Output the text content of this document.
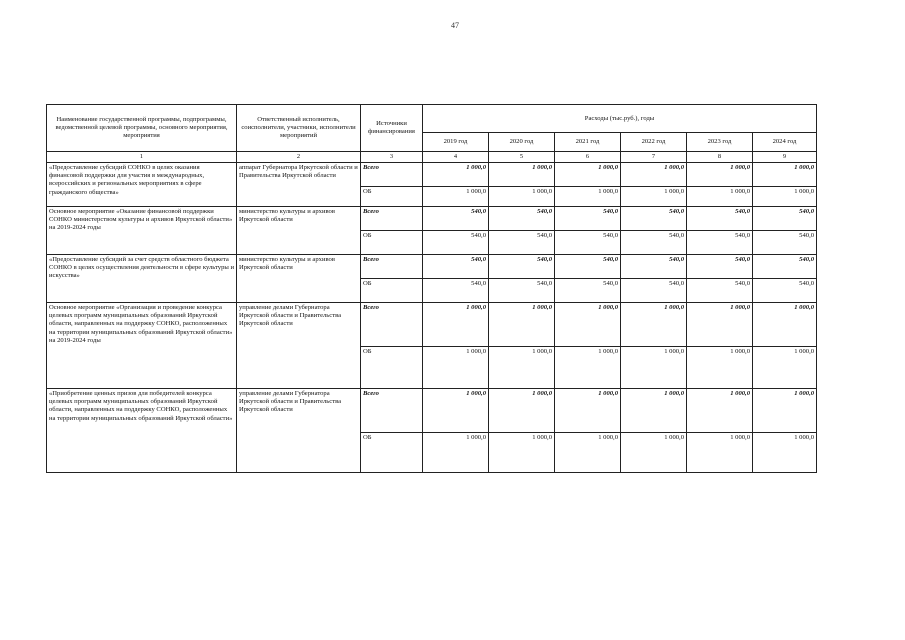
47
Наименование государственной программы, подпрограммы, ведомственной целевой программы, основного мероприятия, мероприятия	Ответственный исполнитель, соисполнители, участники, исполнители мероприятий	Источники финансирования	Расходы (тыс.руб.), годы					
			2019 год	2020 год	2021 год	2022 год	2023 год	2024 год
1	2	3	4	5	6	7	8	9
«Предоставление субсидий СОНКО в целях оказания финансовой поддержки для участия в международных, всероссийских и региональных мероприятиях в сфере гражданского общества»	аппарат Губернатора Иркутской области и Правительства Иркутской области	Всего	1 000,0	1 000,0	1 000,0	1 000,0	1 000,0	1 000,0
		ОБ	1 000,0	1 000,0	1 000,0	1 000,0	1 000,0	1 000,0
Основное мероприятие «Оказание финансовой поддержки СОНКО министерством культуры и архивов Иркутской области» на 2019-2024 годы	министерство культуры и архивов Иркутской области	Всего	540,0	540,0	540,0	540,0	540,0	540,0
		ОБ	540,0	540,0	540,0	540,0	540,0	540,0
«Предоставление субсидий за счет средств областного бюджета СОНКО в целях осуществления деятельности в сфере культуры и искусства»	министерство культуры и архивов Иркутской области	Всего	540,0	540,0	540,0	540,0	540,0	540,0
		ОБ	540,0	540,0	540,0	540,0	540,0	540,0
Основное мероприятие «Организация и проведение конкурса целевых программ муниципальных образований Иркутской области, направленных на поддержку СОНКО, расположенных на территории муниципальных образований Иркутской области» на 2019-2024 годы	управление делами Губернатора Иркутской области и Правительства Иркутской области	Всего	1 000,0	1 000,0	1 000,0	1 000,0	1 000,0	1 000,0
		ОБ	1 000,0	1 000,0	1 000,0	1 000,0	1 000,0	1 000,0
«Приобретение ценных призов для победителей конкурса целевых программ муниципальных образований Иркутской области, направленных на поддержку СОНКО, расположенных на территории муниципальных образований Иркутской области»	управление делами Губернатора Иркутской области и Правительства Иркутской области	Всего	1 000,0	1 000,0	1 000,0	1 000,0	1 000,0	1 000,0
		ОБ	1 000,0	1 000,0	1 000,0	1 000,0	1 000,0	1 000,0
